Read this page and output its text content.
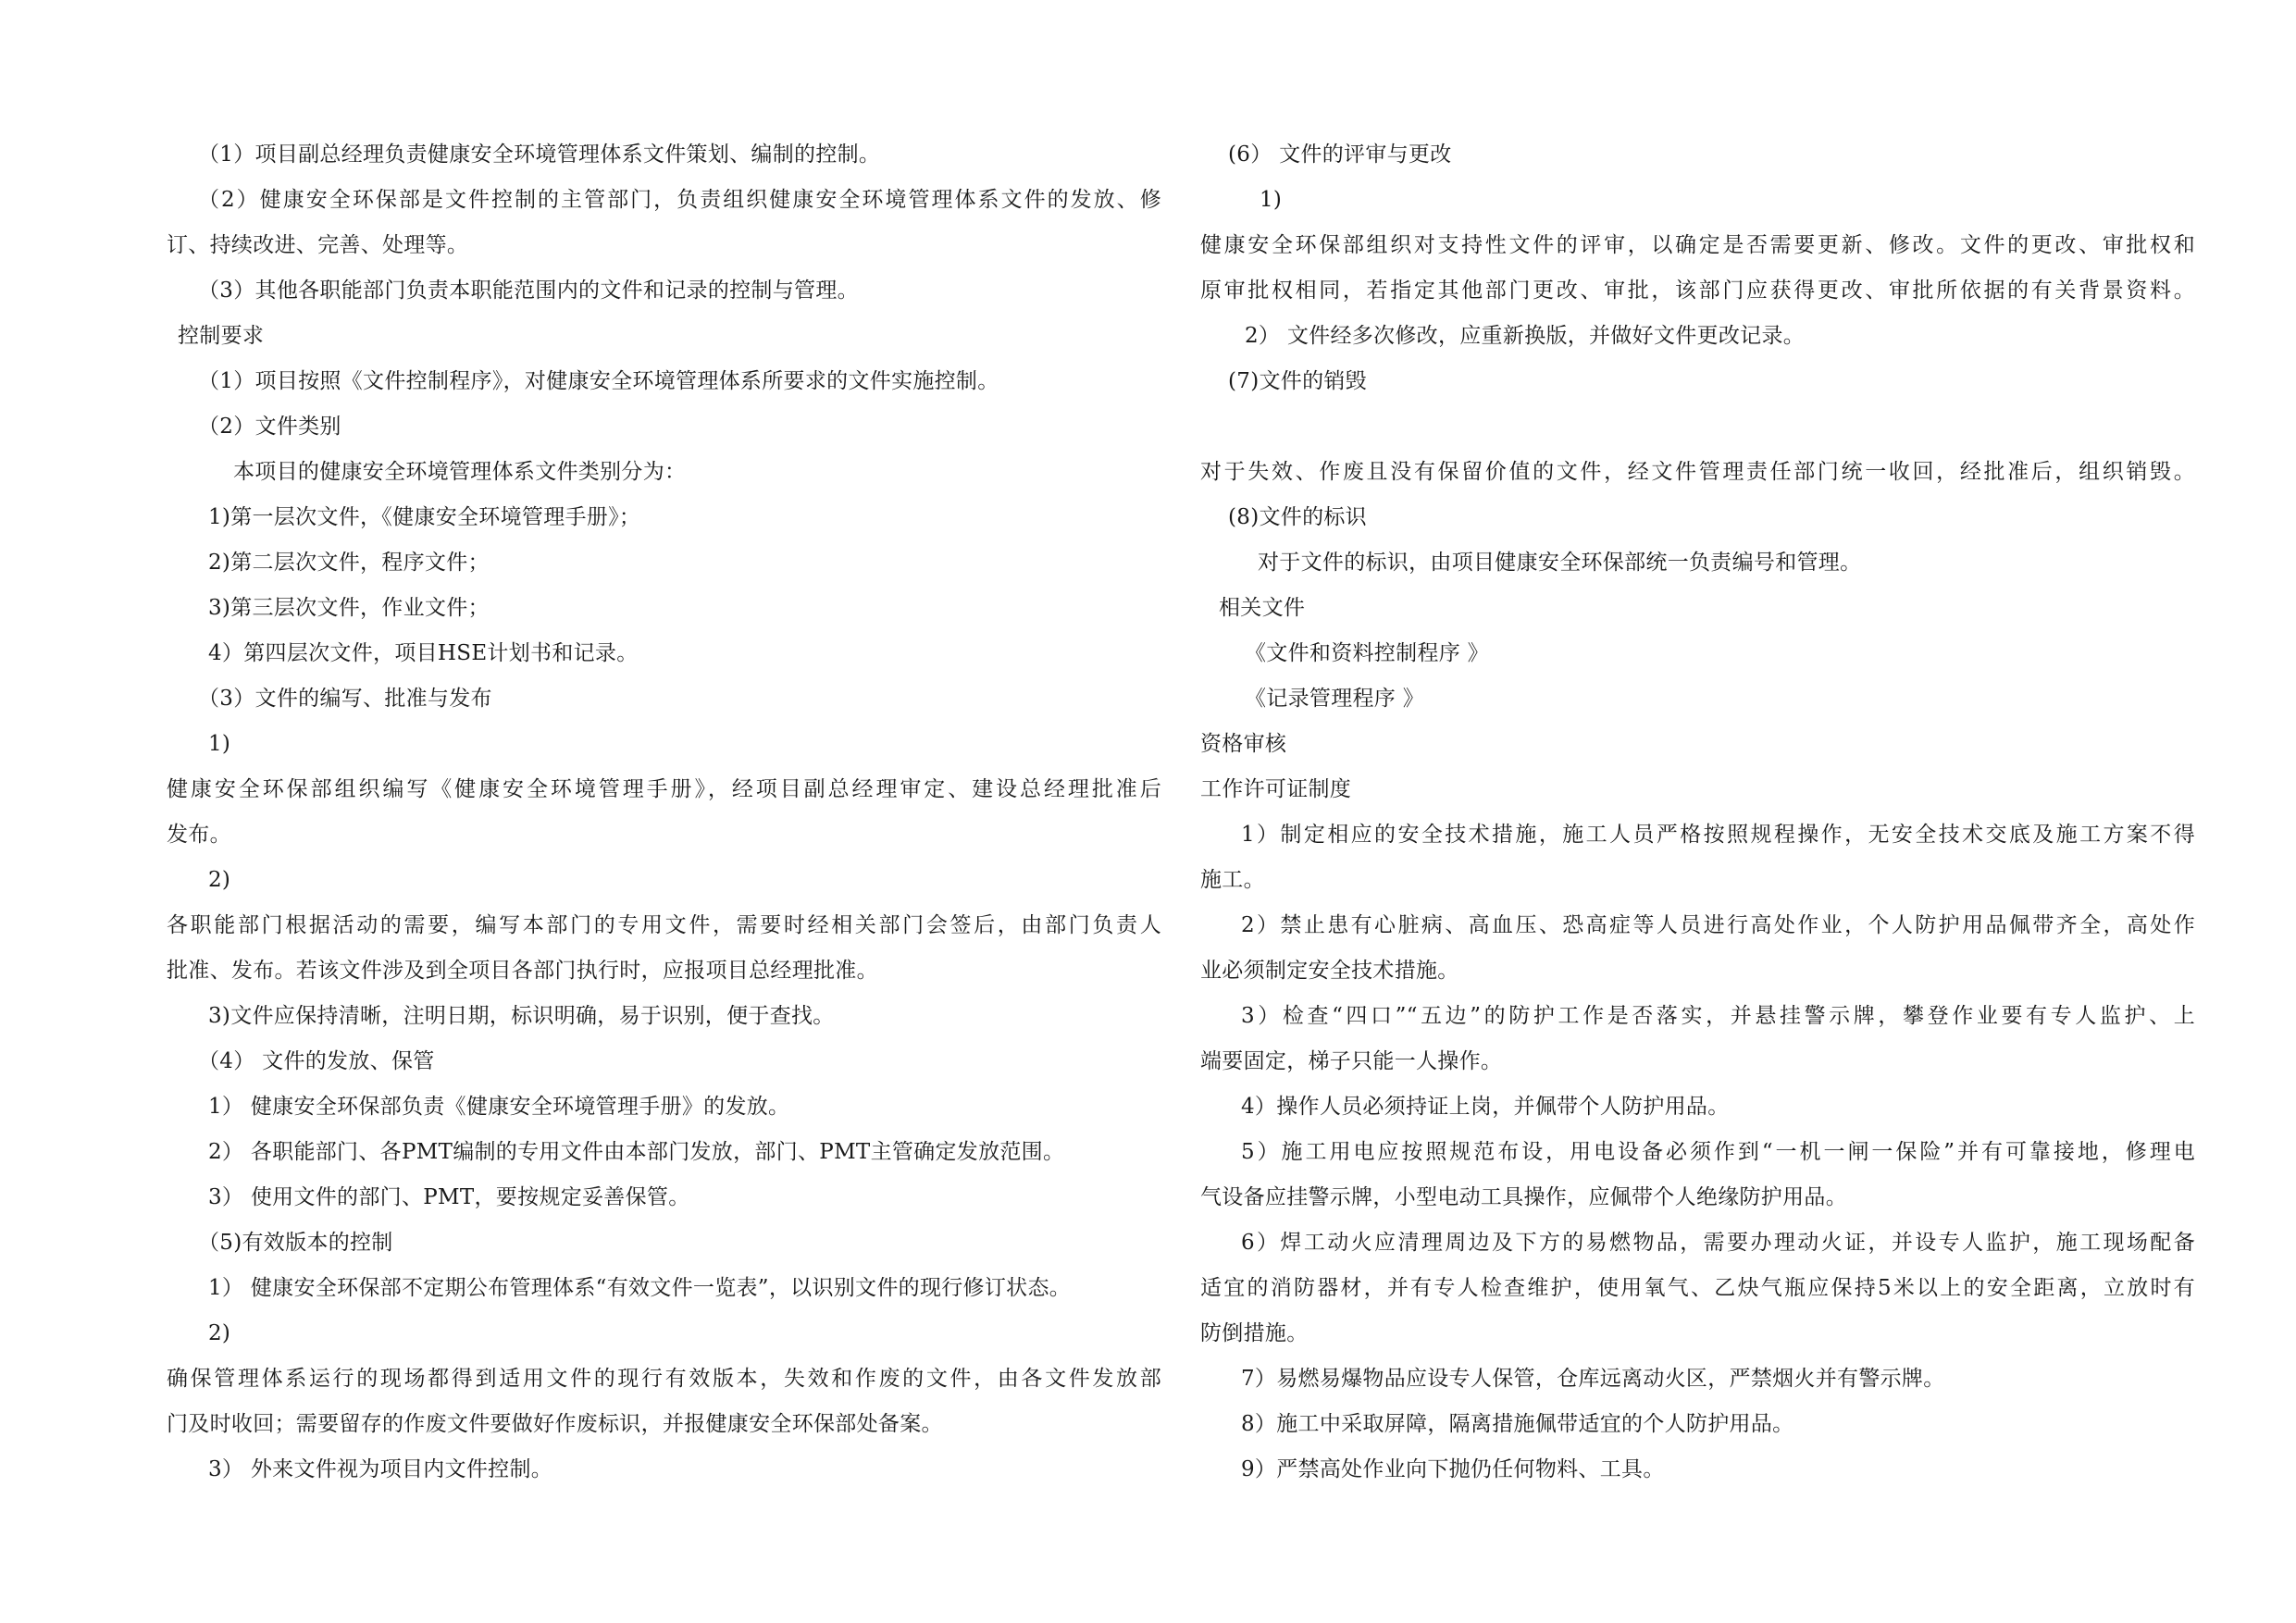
（1）项目副总经理负责健康安全环境管理体系文件策划、编制的控制。
（2）健康安全环保部是文件控制的主管部门，负责组织健康安全环境管理体系文件的发放、修
订、持续改进、完善、处理等。
（3）其他各职能部门负责本职能范围内的文件和记录的控制与管理。
控制要求
（1）项目按照《文件控制程序》，对健康安全环境管理体系所要求的文件实施控制。
（2）文件类别
本项目的健康安全环境管理体系文件类别分为：
1)第一层次文件，《健康安全环境管理手册》；
2)第二层次文件，程序文件；
3)第三层次文件，作业文件；
4）第四层次文件，项目HSE计划书和记录。
（3）文件的编写、批准与发布
1)
健康安全环保部组织编写《健康安全环境管理手册》，经项目副总经理审定、建设总经理批准后
发布。
2)
各职能部门根据活动的需要，编写本部门的专用文件，需要时经相关部门会签后，由部门负责人
批准、发布。若该文件涉及到全项目各部门执行时，应报项目总经理批准。
3)文件应保持清晰，注明日期，标识明确，易于识别，便于查找。
（4） 文件的发放、保管
1） 健康安全环保部负责《健康安全环境管理手册》的发放。
2） 各职能部门、各PMT编制的专用文件由本部门发放，部门、PMT主管确定发放范围。
3） 使用文件的部门、PMT，要按规定妥善保管。
（5)有效版本的控制
1） 健康安全环保部不定期公布管理体系“有效文件一览表”，以识别文件的现行修订状态。
2)
确保管理体系运行的现场都得到适用文件的现行有效版本，失效和作废的文件，由各文件发放部
门及时收回；需要留存的作废文件要做好作废标识，并报健康安全环保部处备案。
3） 外来文件视为项目内文件控制。
(6） 文件的评审与更改
1)
健康安全环保部组织对支持性文件的评审，以确定是否需要更新、修改。文件的更改、审批权和
原审批权相同，若指定其他部门更改、审批，该部门应获得更改、审批所依据的有关背景资料。
2） 文件经多次修改，应重新换版，并做好文件更改记录。
(7)文件的销毁
对于失效、作废且没有保留价值的文件，经文件管理责任部门统一收回，经批准后，组织销毁。
(8)文件的标识
对于文件的标识，由项目健康安全环保部统一负责编号和管理。
相关文件
《文件和资料控制程序 》
《记录管理程序 》
资格审核
工作许可证制度
1）制定相应的安全技术措施，施工人员严格按照规程操作，无安全技术交底及施工方案不得
施工。
2）禁止患有心脏病、高血压、恐高症等人员进行高处作业，个人防护用品佩带齐全，高处作
业必须制定安全技术措施。
3）检查“四口”“五边”的防护工作是否落实，并悬挂警示牌，攀登作业要有专人监护、上
端要固定，梯子只能一人操作。
4）操作人员必须持证上岗，并佩带个人防护用品。
5）施工用电应按照规范布设，用电设备必须作到“一机一闸一保险”并有可靠接地，修理电
气设备应挂警示牌，小型电动工具操作，应佩带个人绝缘防护用品。
6）焊工动火应清理周边及下方的易燃物品，需要办理动火证，并设专人监护，施工现场配备
适宜的消防器材，并有专人检查维护，使用氧气、乙炔气瓶应保持5米以上的安全距离，立放时有
防倒措施。
7）易燃易爆物品应设专人保管，仓库远离动火区，严禁烟火并有警示牌。
8）施工中采取屏障，隔离措施佩带适宜的个人防护用品。
9）严禁高处作业向下抛仍任何物料、工具。
